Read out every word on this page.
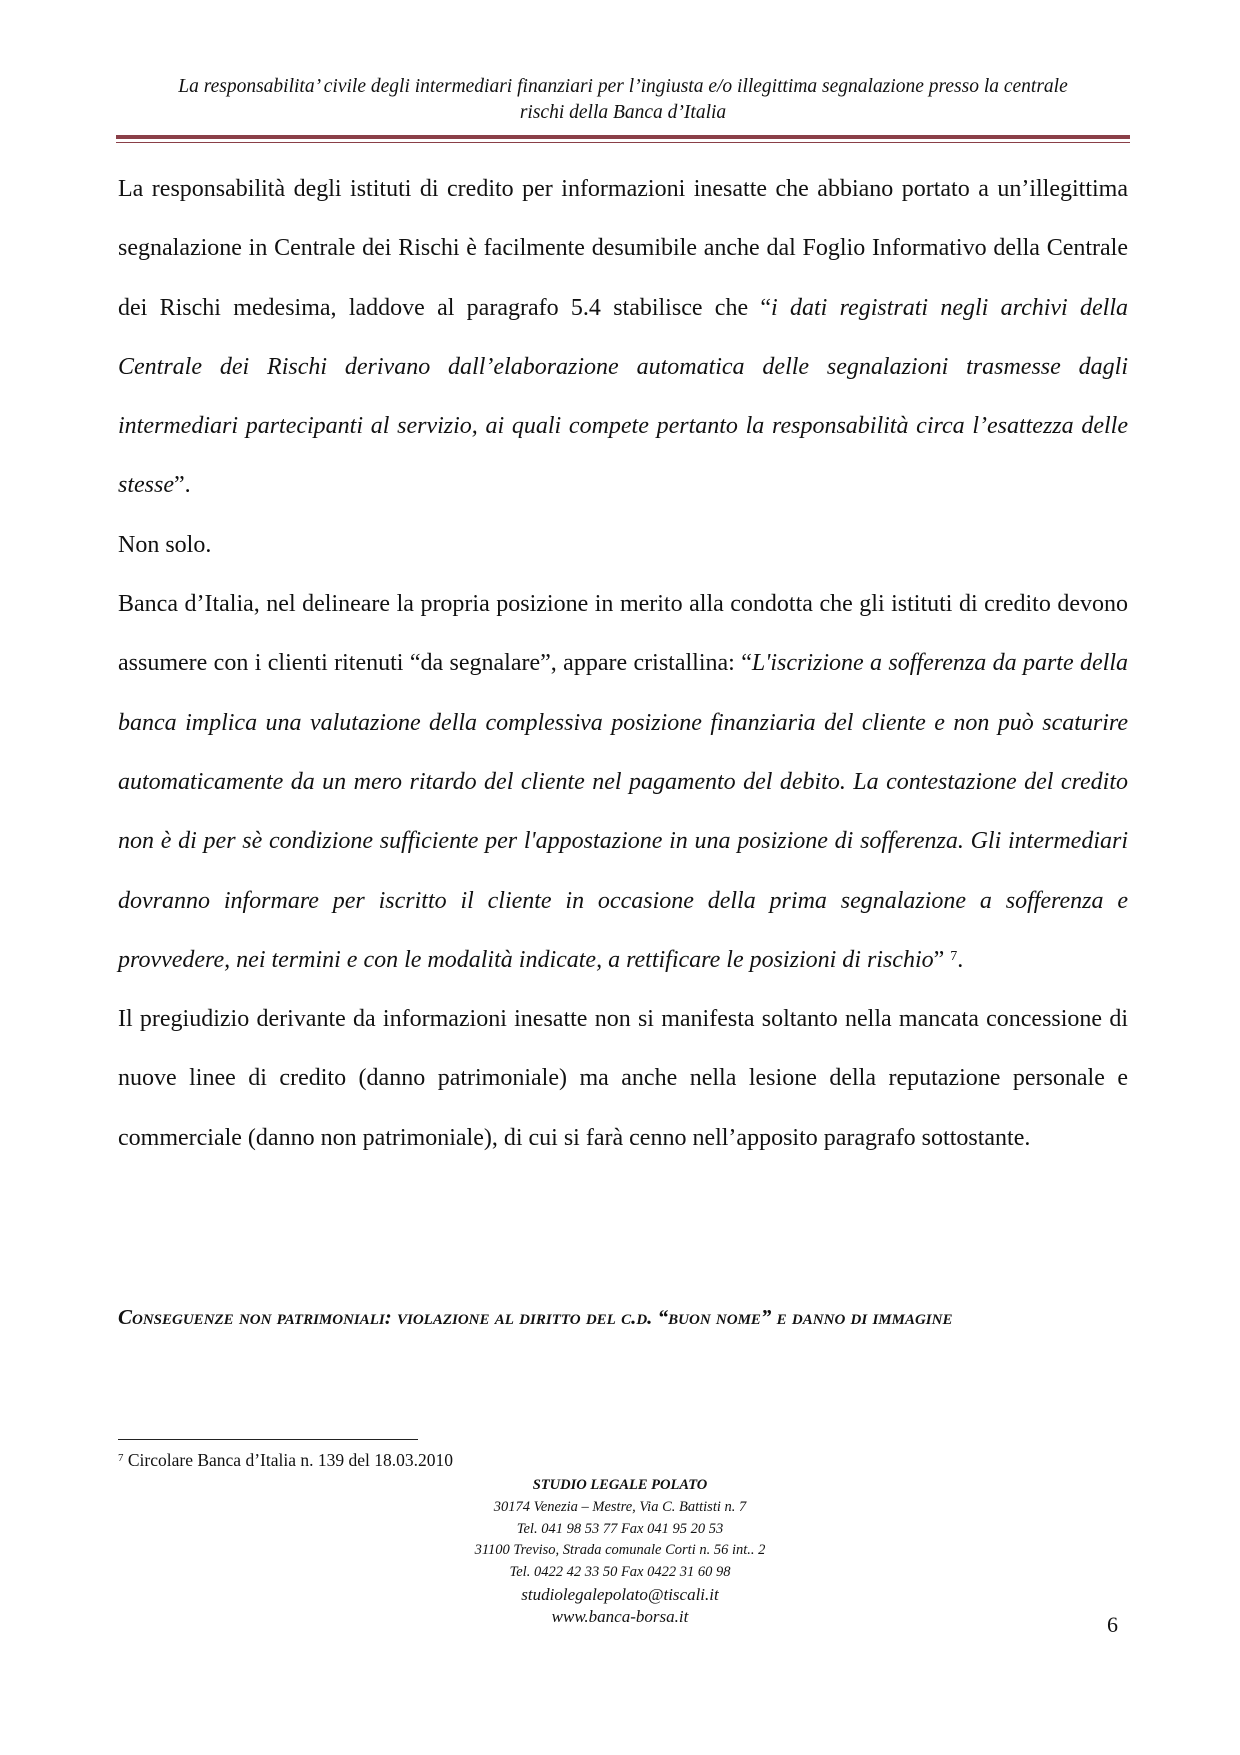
La responsabilita’ civile degli intermediari finanziari per l’ingiusta e/o illegittima segnalazione presso la centrale
rischi della Banca d’Italia

La responsabilità degli istituti di credito per informazioni inesatte che abbiano portato a un’illegittima segnalazione in Centrale dei Rischi è facilmente desumibile anche dal Foglio Informativo della Centrale dei Rischi medesima, laddove al paragrafo 5.4 stabilisce che “i dati registrati negli archivi della Centrale dei Rischi derivano dall’elaborazione automatica delle segnalazioni trasmesse dagli intermediari partecipanti al servizio, ai quali compete pertanto la responsabilità circa l’esattezza delle stesse”.

Non solo.

Banca d’Italia, nel delineare la propria posizione in merito alla condotta che gli istituti di credito devono assumere con i clienti ritenuti “da segnalare”, appare cristallina: “L'iscrizione a sofferenza da parte della banca implica una valutazione della complessiva posizione finanziaria del cliente e non può scaturire automaticamente da un mero ritardo del cliente nel pagamento del debito. La contestazione del credito non è di per sè condizione sufficiente per l'appostazione in una posizione di sofferenza. Gli intermediari dovranno informare per iscritto il cliente in occasione della prima segnalazione a sofferenza e provvedere, nei termini e con le modalità indicate, a rettificare le posizioni di rischio” $^7$.

Il pregiudizio derivante da informazioni inesatte non si manifesta soltanto nella mancata concessione di nuove linee di credito (danno patrimoniale) ma anche nella lesione della reputazione personale e commerciale (danno non patrimoniale), di cui si farà cenno nell’apposito paragrafo sottostante.

Conseguenze non patrimoniali: violazione al diritto del c.d. “buon nome” e danno di immagine
$^7$ Circolare Banca d’Italia n. 139 del 18.03.2010
STUDIO LEGALE POLATO
30174 Venezia – Mestre, Via C. Battisti n. 7
Tel. 041 98 53 77 Fax 041 95 20 53
31100 Treviso, Strada comunale Corti n. 56 int.. 2
Tel. 0422 42 33 50 Fax 0422 31 60 98
studiolegalepolato@tiscali.it
www.banca-borsa.it	6
